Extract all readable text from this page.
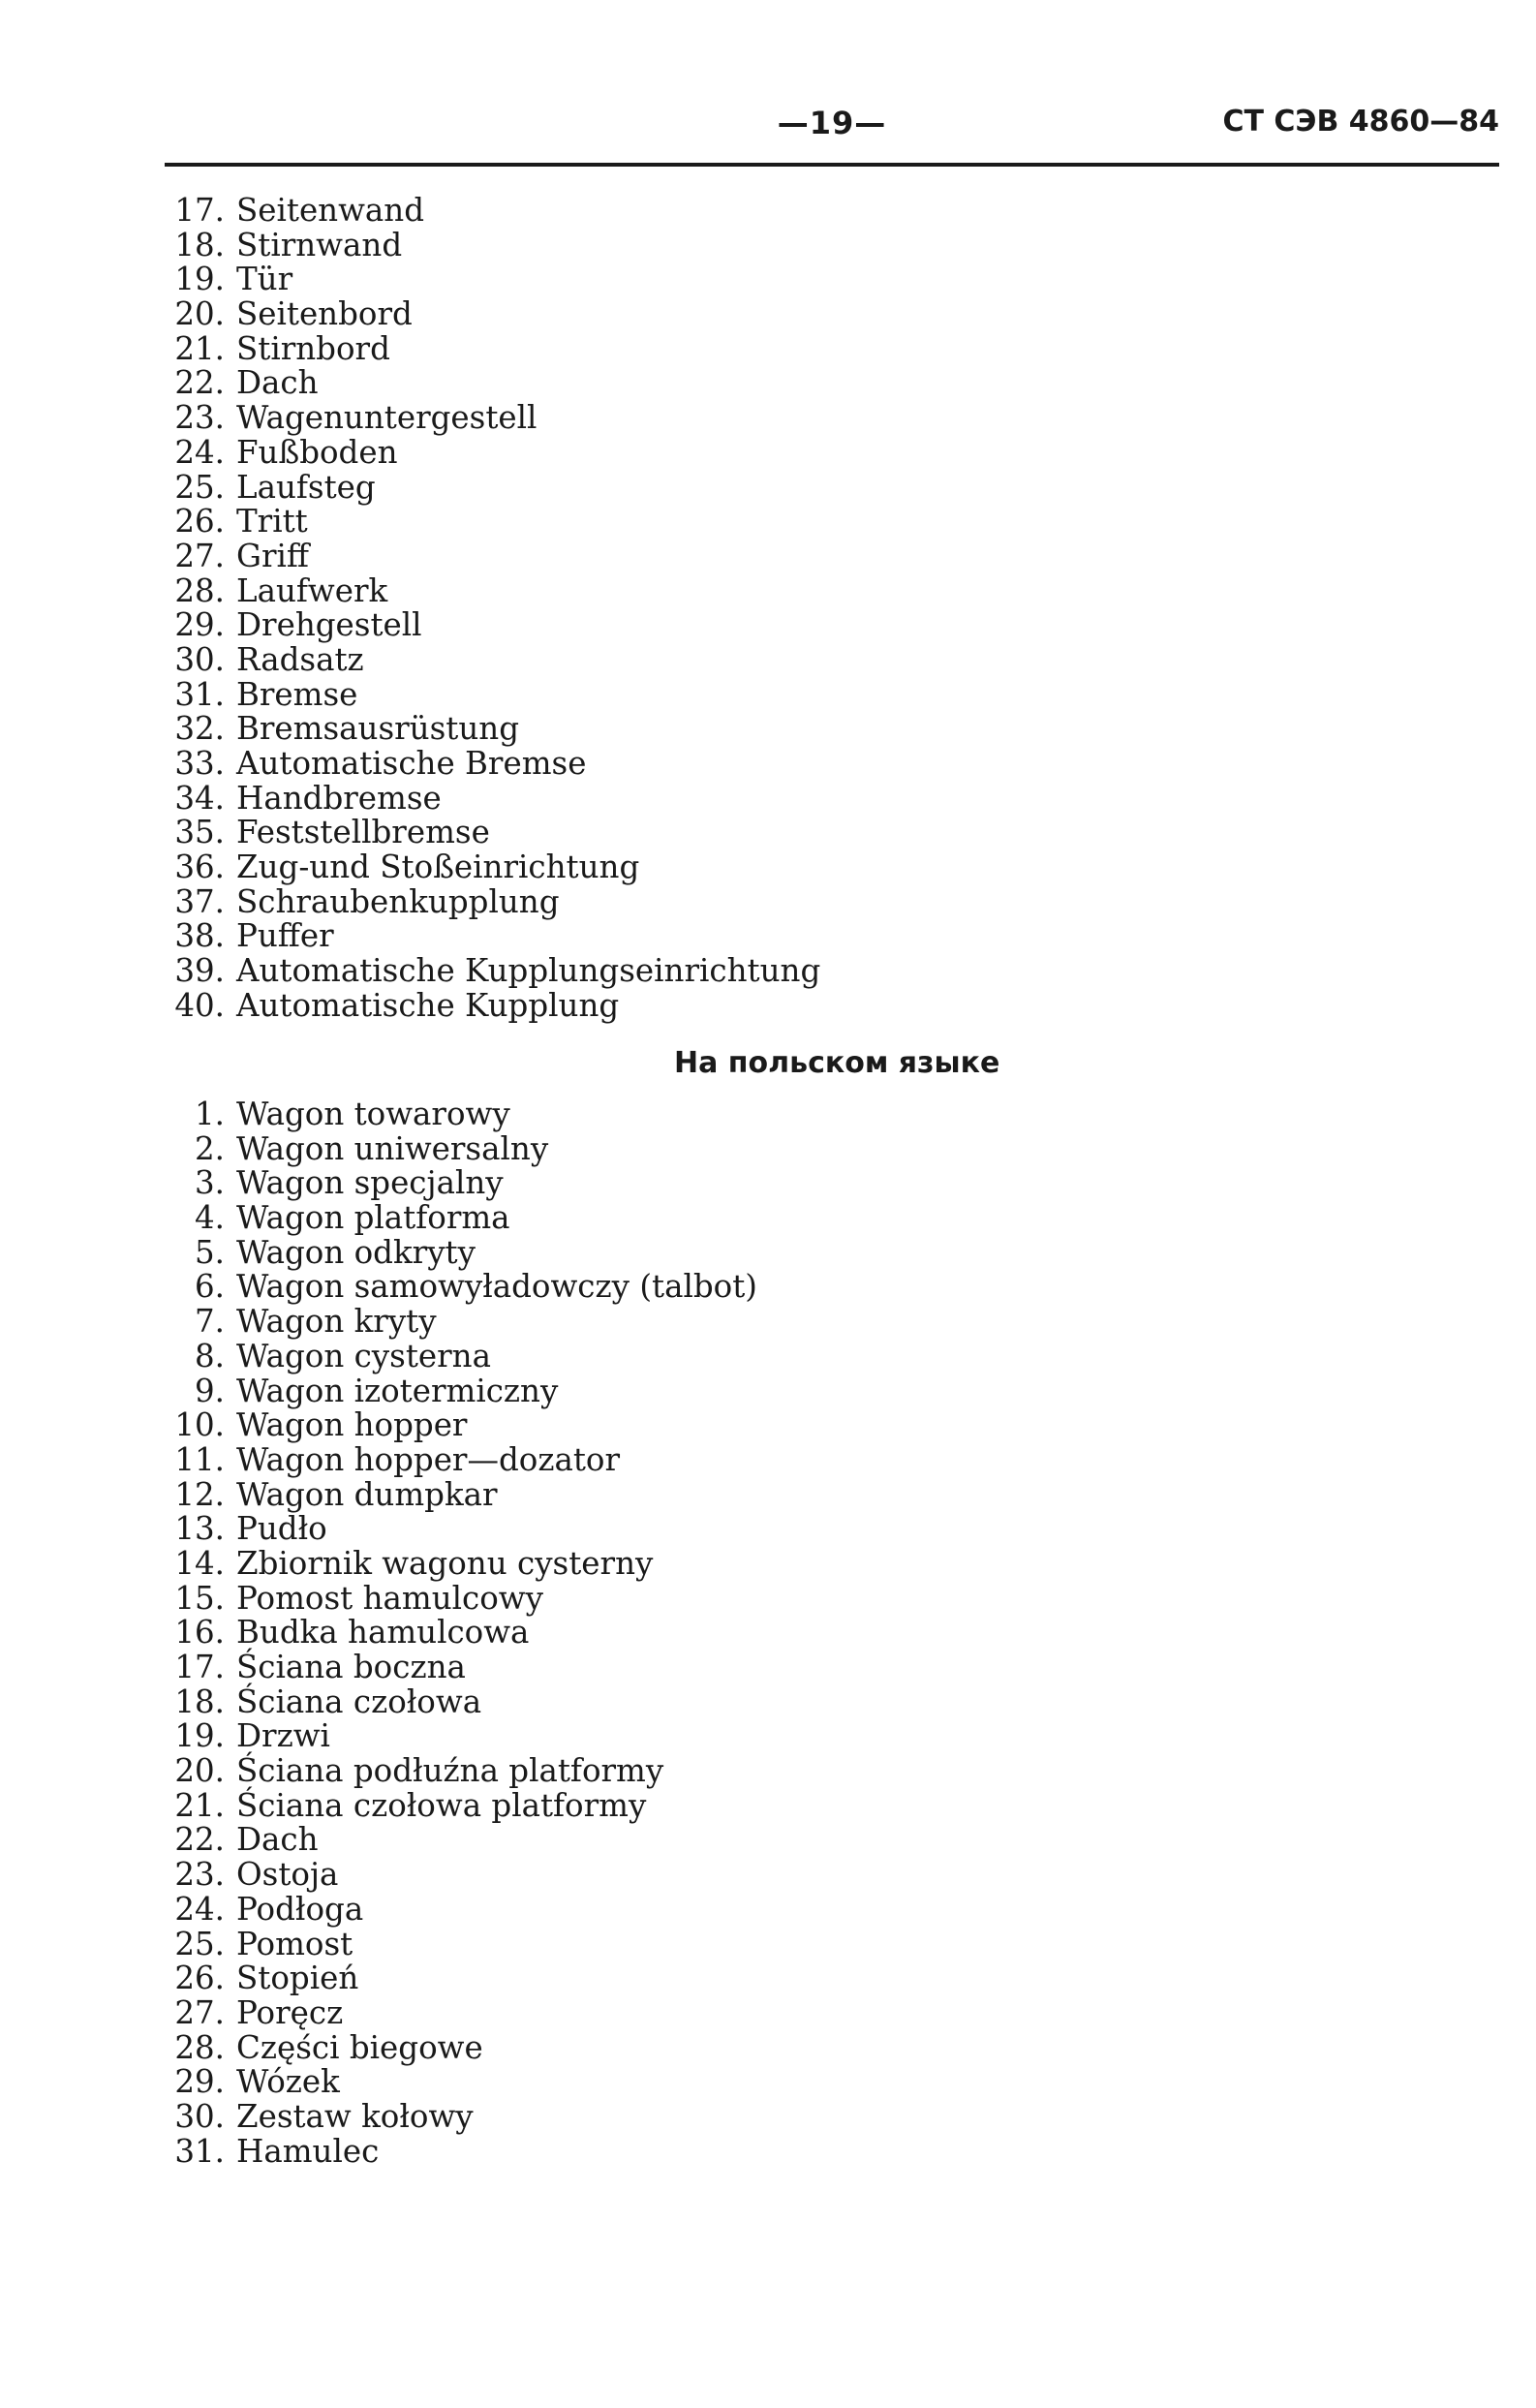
—19—	СТ СЭВ 4860—84
17. Seitenwand
18. Stirnwand
19. Tür
20. Seitenbord
21. Stirnbord
22. Dach
23. Wagenuntergestell
24. Fußboden
25. Laufsteg
26. Tritt
27. Griff
28. Laufwerk
29. Drehgestell
30. Radsatz
31. Bremse
32. Bremsausrüstung
33. Automatische Bremse
34. Handbremse
35. Feststellbremse
36. Zug-und Stoßeinrichtung
37. Schraubenkupplung
38. Puffer
39. Automatische Kupplungseinrichtung
40. Automatische Kupplung
На польском языке
1. Wagon towarowy
2. Wagon uniwersalny
3. Wagon specjalny
4. Wagon platforma
5. Wagon odkryty
6. Wagon samowyładowczy (talbot)
7. Wagon kryty
8. Wagon cysterna
9. Wagon izotermiczny
10. Wagon hopper
11. Wagon hopper—dozator
12. Wagon dumpkar
13. Pudło
14. Zbiornik wagonu cysterny
15. Pomost hamulcowy
16. Budka hamulcowa
17. Ściana boczna
18. Ściana czołowa
19. Drzwi
20. Ściana podłuźna platformy
21. Ściana czołowa platformy
22. Dach
23. Ostoja
24. Podłoga
25. Pomost
26. Stopień
27. Poręcz
28. Części biegowe
29. Wózek
30. Zestaw kołowy
31. Hamulec
